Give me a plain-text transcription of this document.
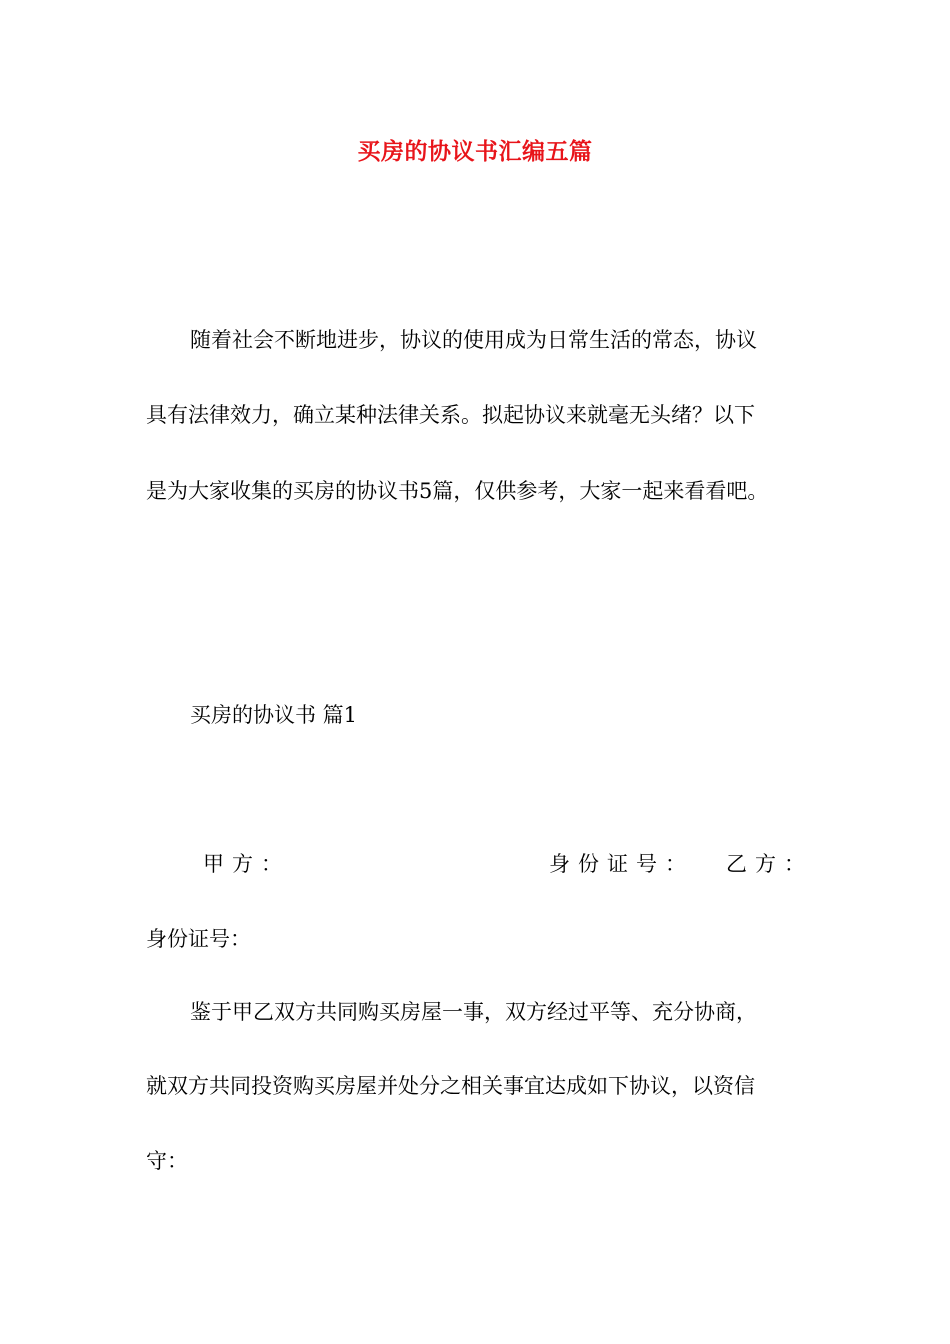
买房的协议书汇编五篇
随着社会不断地进步，协议的使用成为日常生活的常态，协议
具有法律效力，确立某种法律关系。拟起协议来就毫无头绪？以下
是为大家收集的买房的协议书5篇，仅供参考，大家一起来看看吧。
买房的协议书 篇1
甲方：	身份证号： 乙方：
身份证号：
鉴于甲乙双方共同购买房屋一事，双方经过平等、充分协商，
就双方共同投资购买房屋并处分之相关事宜达成如下协议，以资信
守：
